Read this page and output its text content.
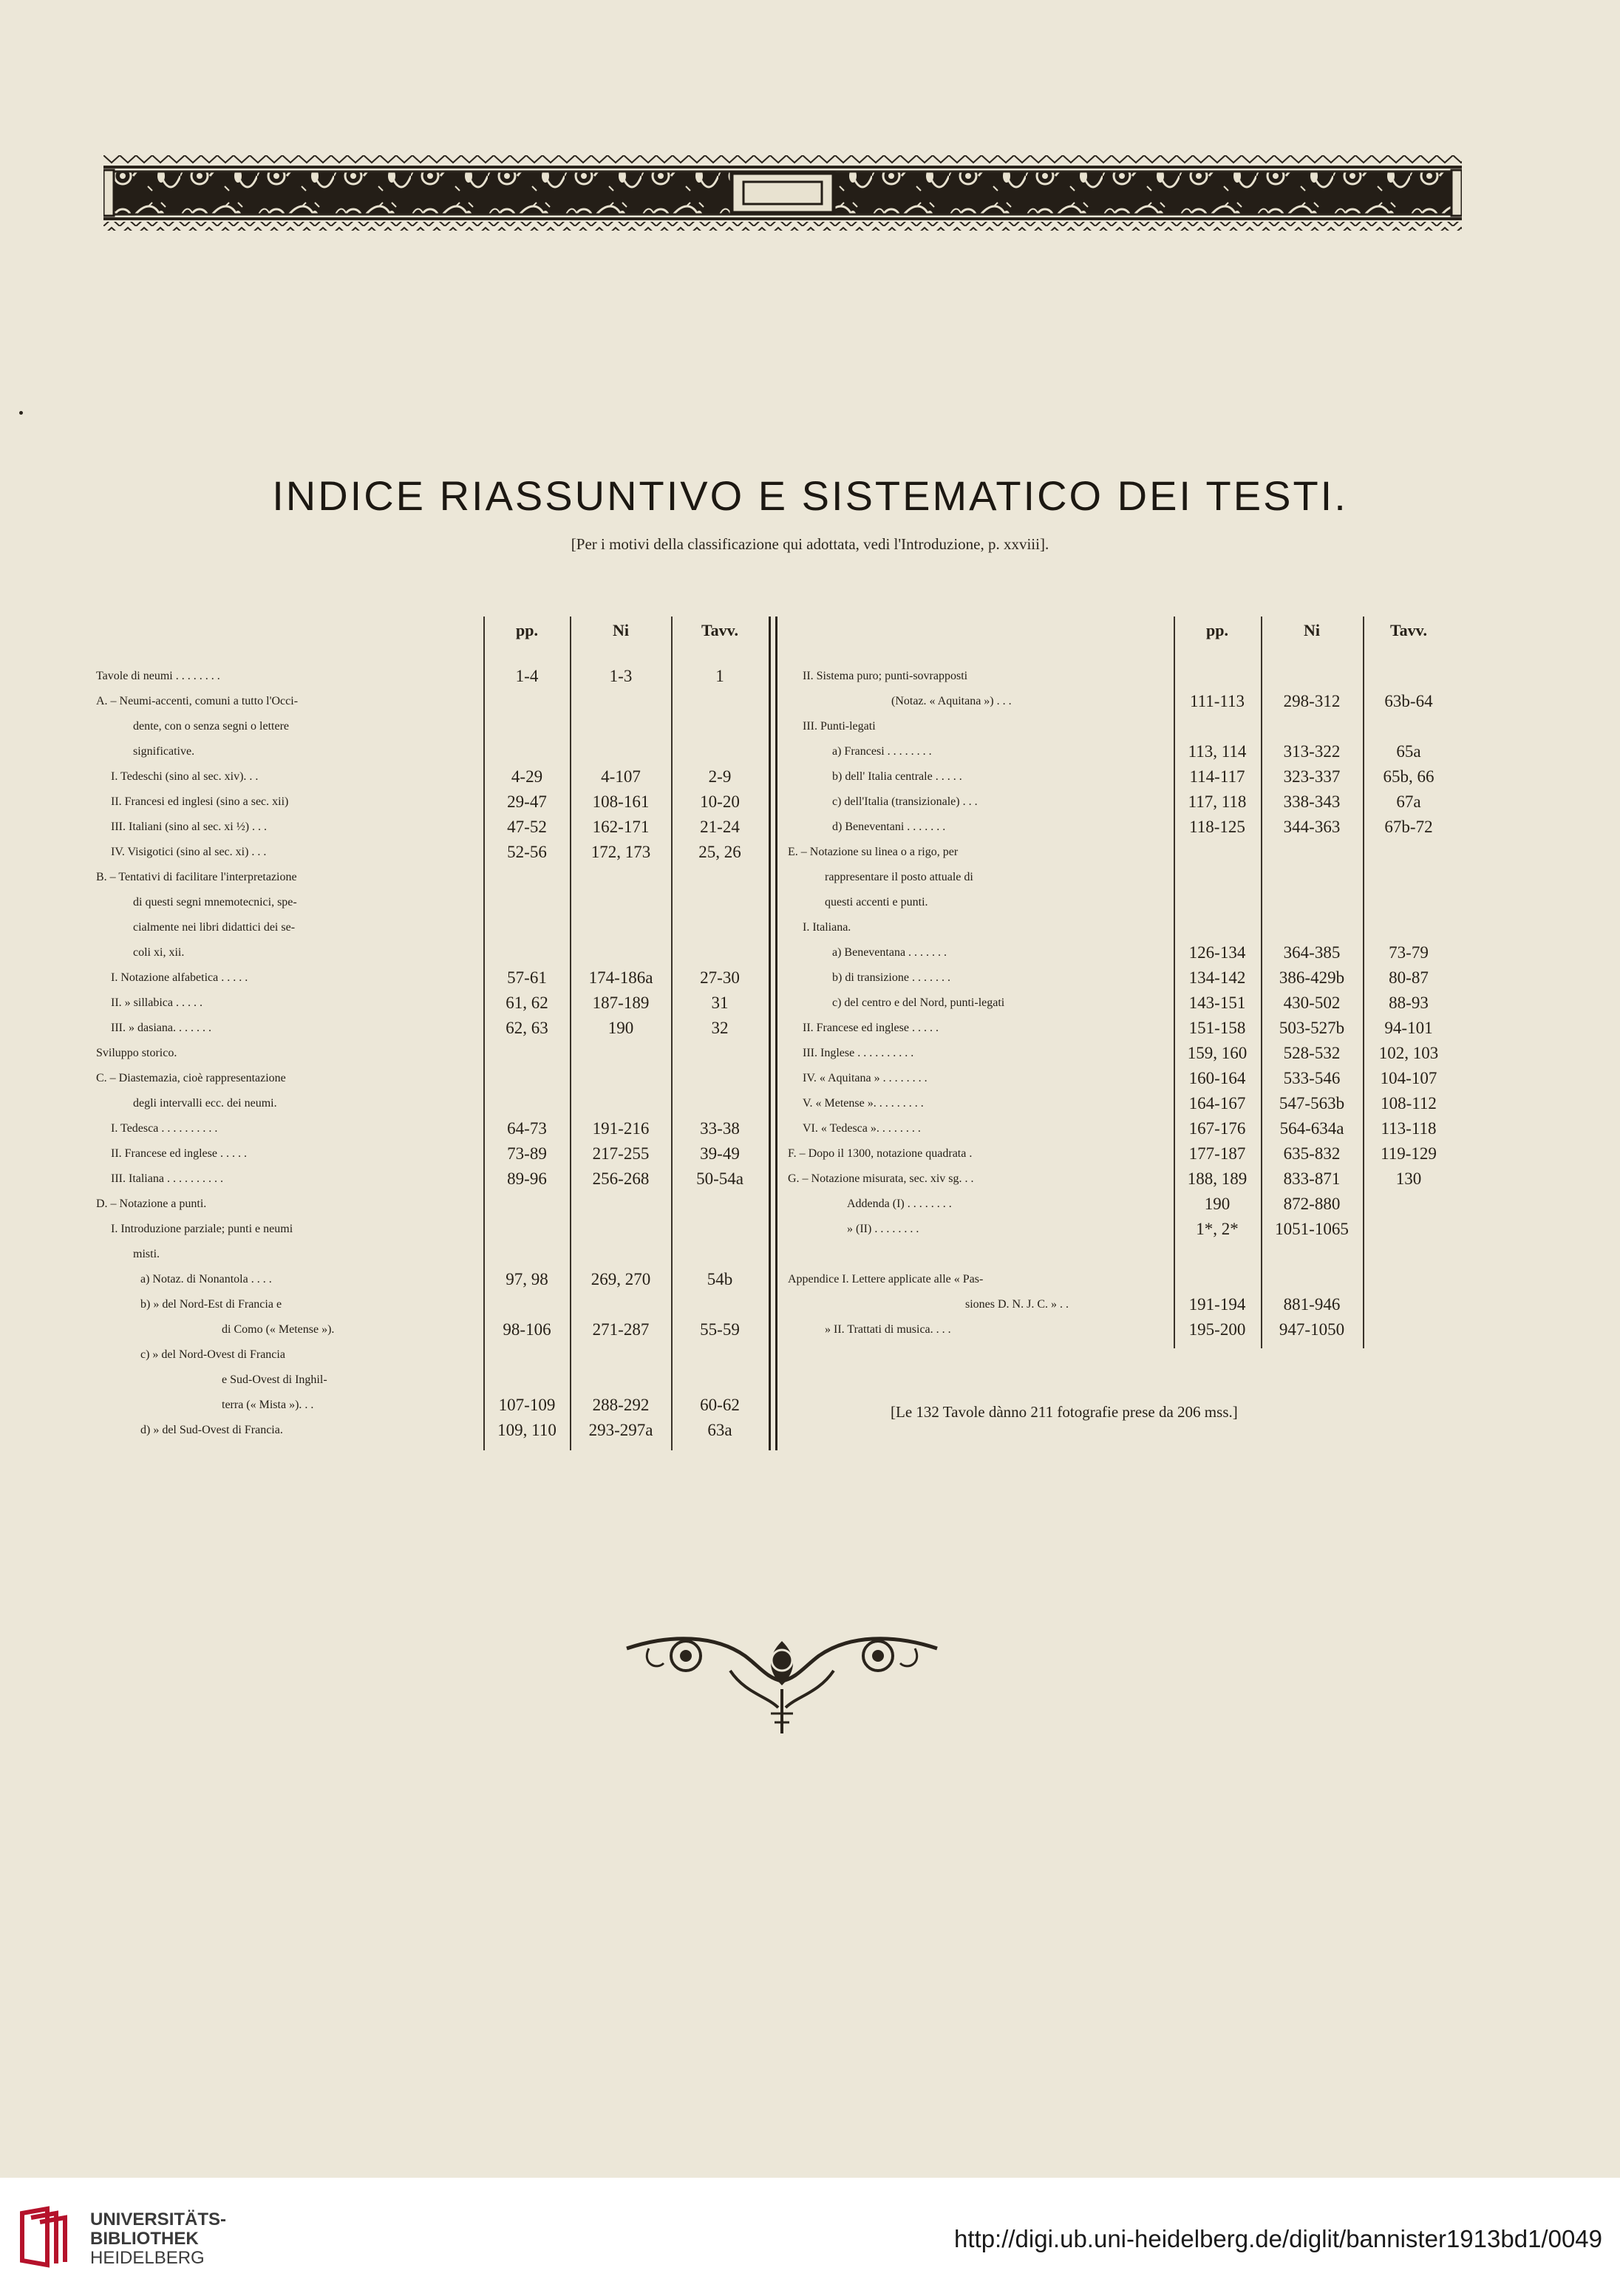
INDICE RIASSUNTIVO E SISTEMATICO DEI TESTI.
[Per i motivi della classificazione qui adottata, vedi l'Introduzione, p. xxviii].
pp.	Ni	Tavv.	pp.	Ni	Tavv.
Tavole di neumi . . . . . . . .	1-4	1-3	1
A. – Neumi-accenti, comuni a tutto l'Occi-
dente, con o senza segni o lettere
significative.
I. Tedeschi (sino al sec. xiv). . .	4-29	4-107	2-9
II. Francesi ed inglesi (sino a sec. xii)	29-47	108-161	10-20
III. Italiani (sino al sec. xi ½) . . .	47-52	162-171	21-24
IV. Visigotici (sino al sec. xi) . . .	52-56	172, 173	25, 26
B. – Tentativi di facilitare l'interpretazione
di questi segni mnemotecnici, spe-
cialmente nei libri didattici dei se-
coli xi, xii.
I. Notazione alfabetica . . . . .	57-61	174-186a	27-30
II. » sillabica . . . . .	61, 62	187-189	31
III. » dasiana. . . . . . .	62, 63	190	32
Sviluppo storico.
C. – Diastemazia, cioè rappresentazione
degli intervalli ecc. dei neumi.
I. Tedesca . . . . . . . . . .	64-73	191-216	33-38
II. Francese ed inglese . . . . .	73-89	217-255	39-49
III. Italiana . . . . . . . . . .	89-96	256-268	50-54a
D. – Notazione a punti.
I. Introduzione parziale; punti e neumi
misti.
a) Notaz. di Nonantola . . . .	97, 98	269, 270	54b
b) » del Nord-Est di Francia e
di Como (« Metense »).	98-106	271-287	55-59
c) » del Nord-Ovest di Francia
e Sud-Ovest di Inghil-
terra (« Mista »). . .	107-109	288-292	60-62
d) » del Sud-Ovest di Francia.	109, 110	293-297a	63a
II. Sistema puro; punti-sovrapposti
(Notaz. « Aquitana ») . . .	111-113	298-312	63b-64
III. Punti-legati
a) Francesi . . . . . . . .	113, 114	313-322	65a
b) dell' Italia centrale . . . . .	114-117	323-337	65b, 66
c) dell'Italia (transizionale) . . .	117, 118	338-343	67a
d) Beneventani . . . . . . .	118-125	344-363	67b-72
E. – Notazione su linea o a rigo, per
rappresentare il posto attuale di
questi accenti e punti.
I. Italiana.
a) Beneventana . . . . . . .	126-134	364-385	73-79
b) di transizione . . . . . . .	134-142	386-429b	80-87
c) del centro e del Nord, punti-legati	143-151	430-502	88-93
II. Francese ed inglese . . . . .	151-158	503-527b	94-101
III. Inglese . . . . . . . . . .	159, 160	528-532	102, 103
IV. « Aquitana » . . . . . . . .	160-164	533-546	104-107
V. « Metense ». . . . . . . . .	164-167	547-563b	108-112
VI. « Tedesca ». . . . . . . .	167-176	564-634a	113-118
F. – Dopo il 1300, notazione quadrata .	177-187	635-832	119-129
G. – Notazione misurata, sec. xiv sg. . .	188, 189	833-871	130
Addenda (I) . . . . . . . .	190	872-880
» (II) . . . . . . . .	1*, 2*	1051-1065
Appendice I. Lettere applicate alle « Pas-
siones D. N. J. C. » . .	191-194	881-946
» II. Trattati di musica. . . .	195-200	947-1050
[Le 132 Tavole dànno 211 fotografie prese da 206 mss.]
UNIVERSITÄTS-
BIBLIOTHEK
HEIDELBERG
http://digi.ub.uni-heidelberg.de/diglit/bannister1913bd1/0049
